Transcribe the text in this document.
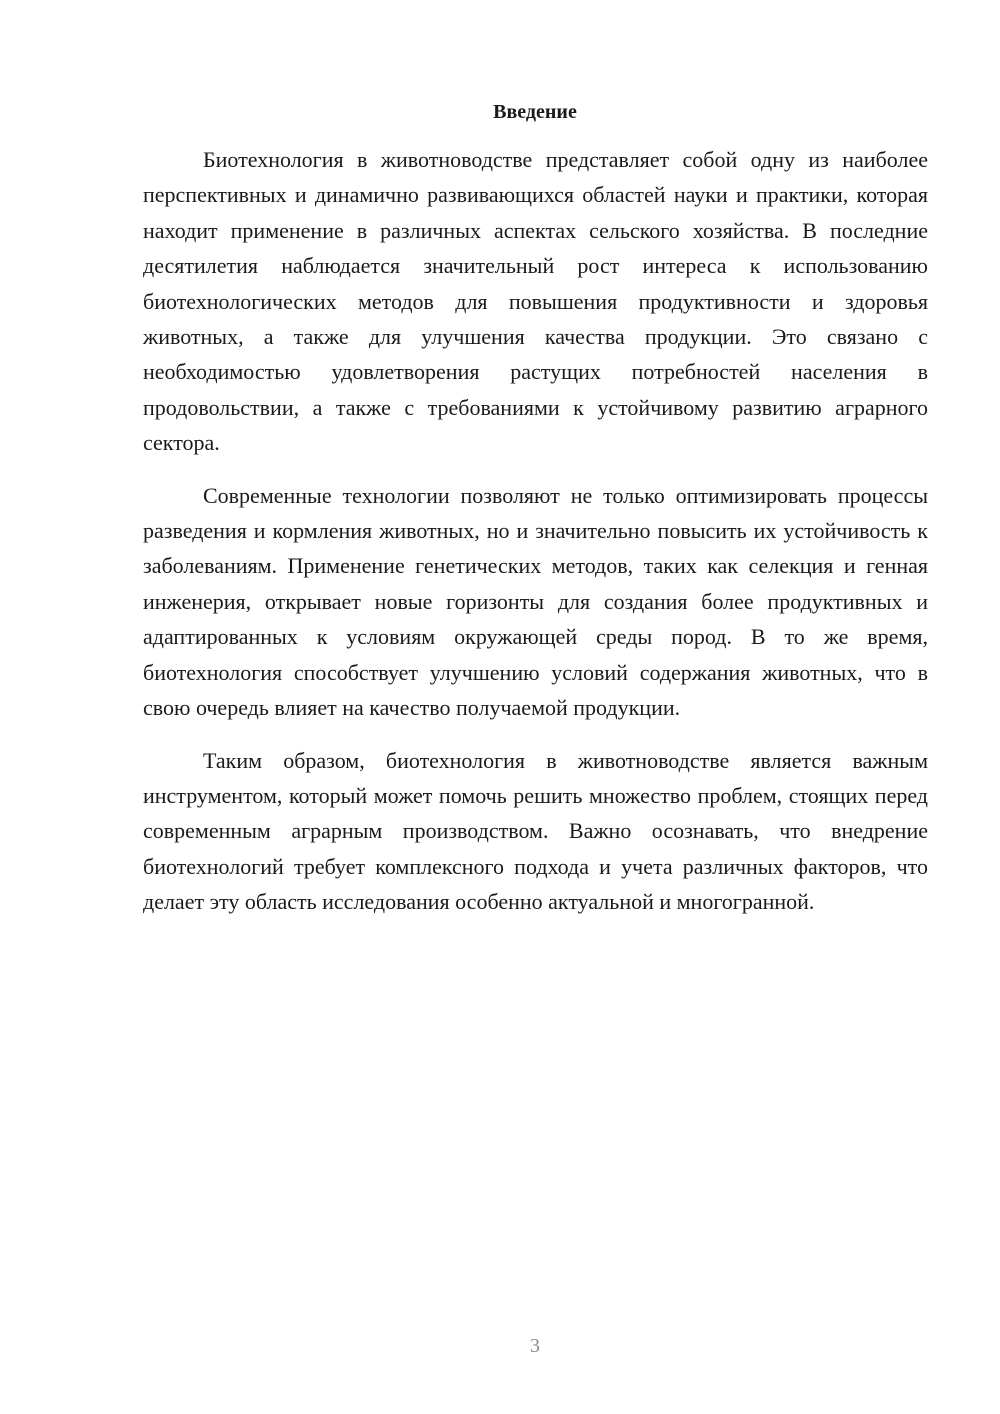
Введение

Биотехнология в животноводстве представляет собой одну из наиболее перспективных и динамично развивающихся областей науки и практики, которая находит применение в различных аспектах сельского хозяйства. В последние десятилетия наблюдается значительный рост интереса к использованию биотехнологических методов для повышения продуктивности и здоровья животных, а также для улучшения качества продукции. Это связано с необходимостью удовлетворения растущих потребностей населения в продовольствии, а также с требованиями к устойчивому развитию аграрного сектора.

Современные технологии позволяют не только оптимизировать процессы разведения и кормления животных, но и значительно повысить их устойчивость к заболеваниям. Применение генетических методов, таких как селекция и генная инженерия, открывает новые горизонты для создания более продуктивных и адаптированных к условиям окружающей среды пород. В то же время, биотехнология способствует улучшению условий содержания животных, что в свою очередь влияет на качество получаемой продукции.

Таким образом, биотехнология в животноводстве является важным инструментом, который может помочь решить множество проблем, стоящих перед современным аграрным производством. Важно осознавать, что внедрение биотехнологий требует комплексного подхода и учета различных факторов, что делает эту область исследования особенно актуальной и многогранной.

3
